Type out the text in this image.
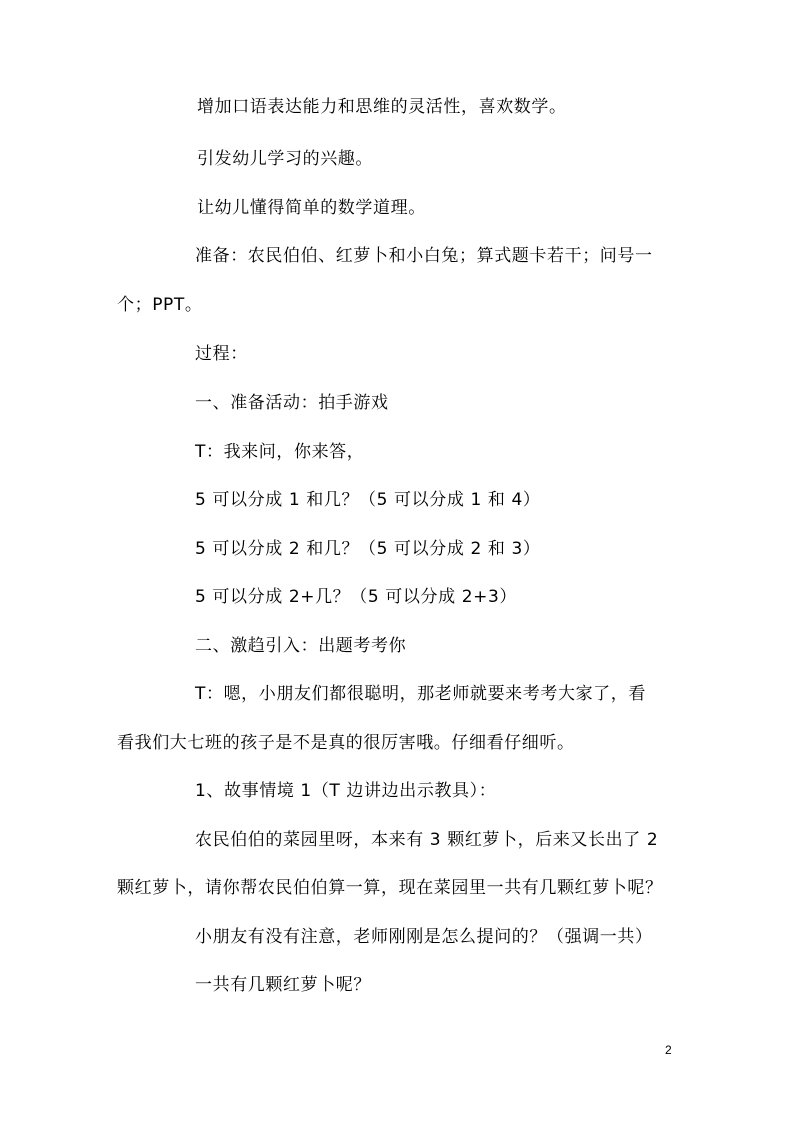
增加口语表达能力和思维的灵活性，喜欢数学。
引发幼儿学习的兴趣。
让幼儿懂得简单的数学道理。
准备：农民伯伯、红萝卜和小白兔；算式题卡若干；问号一
个；PPT。
过程：
一、准备活动：拍手游戏
T：我来问，你来答，
5 可以分成 1 和几？（5 可以分成 1 和 4）
5 可以分成 2 和几？（5 可以分成 2 和 3）
5 可以分成 2+几？（5 可以分成 2+3）
二、激趋引入：出题考考你
T：嗯，小朋友们都很聪明，那老师就要来考考大家了，看
看我们大七班的孩子是不是真的很厉害哦。仔细看仔细听。
1、故事情境 1（T 边讲边出示教具）：
农民伯伯的菜园里呀，本来有 3 颗红萝卜，后来又长出了 2
颗红萝卜，请你帮农民伯伯算一算，现在菜园里一共有几颗红萝卜呢？
小朋友有没有注意，老师刚刚是怎么提问的？（强调一共）
一共有几颗红萝卜呢？
2
